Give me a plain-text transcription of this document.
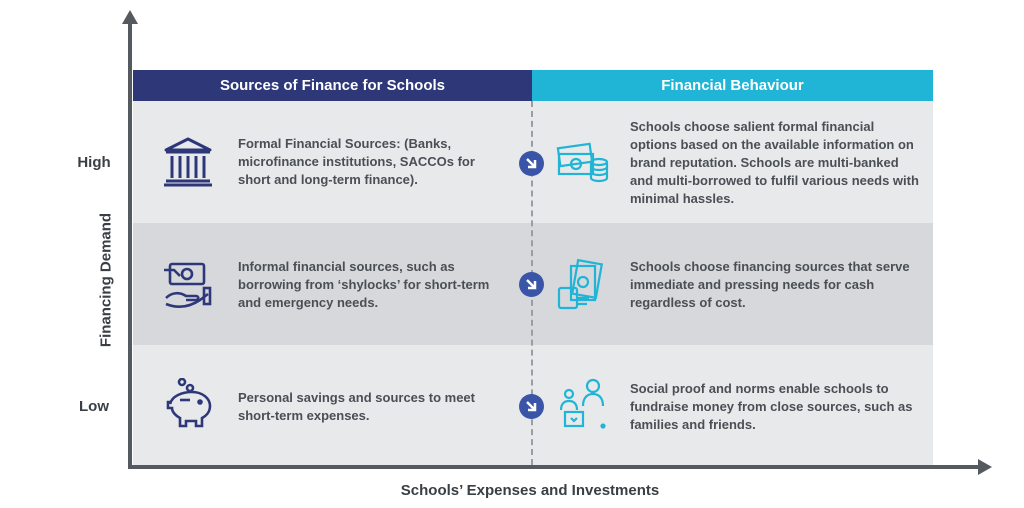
Financing Demand
Schools’ Expenses and Investments
High
Low
Sources of Finance for Schools	Financial Behaviour
Formal Financial Sources: (Banks, microfinance institutions, SACCOs for short and long-term finance).
Schools choose salient formal financial options based on the available information on brand reputation. Schools are multi-banked and multi-borrowed to fulfil various needs with minimal hassles.
Informal financial sources, such as borrowing from ‘shylocks’ for short-term and emergency needs.
Schools choose financing sources that serve immediate and pressing needs for cash regardless of cost.
Personal savings and sources to meet short-term expenses.
Social proof and norms enable schools to fundraise money from close sources, such as families and friends.
